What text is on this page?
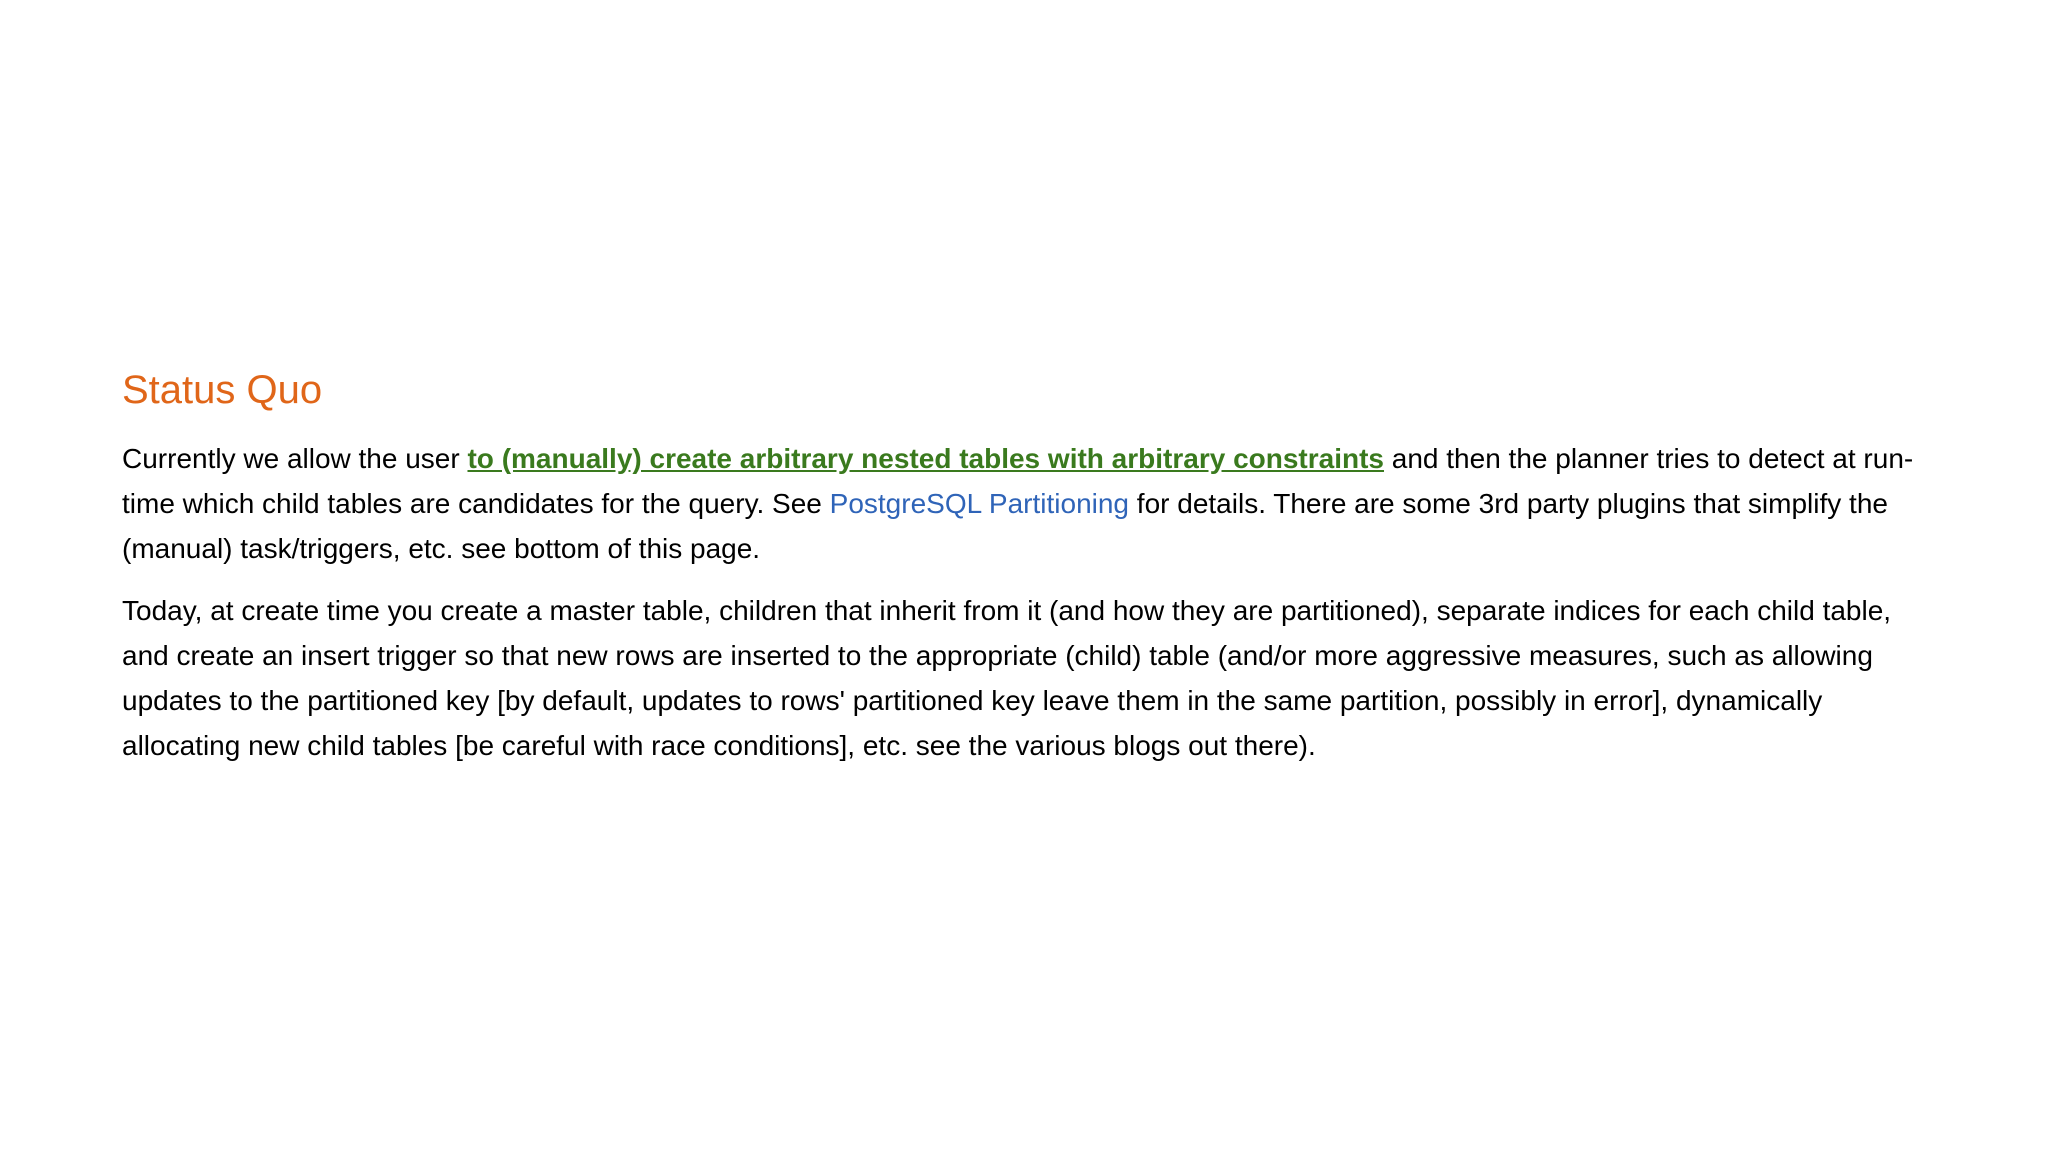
Status Quo

Currently we allow the user to (manually) create arbitrary nested tables with arbitrary constraints and then the planner tries to detect at run-time which child tables are candidates for the query. See PostgreSQL Partitioning for details. There are some 3rd party plugins that simplify the (manual) task/triggers, etc. see bottom of this page.

Today, at create time you create a master table, children that inherit from it (and how they are partitioned), separate indices for each child table, and create an insert trigger so that new rows are inserted to the appropriate (child) table (and/or more aggressive measures, such as allowing updates to the partitioned key [by default, updates to rows' partitioned key leave them in the same partition, possibly in error], dynamically allocating new child tables [be careful with race conditions], etc. see the various blogs out there).
